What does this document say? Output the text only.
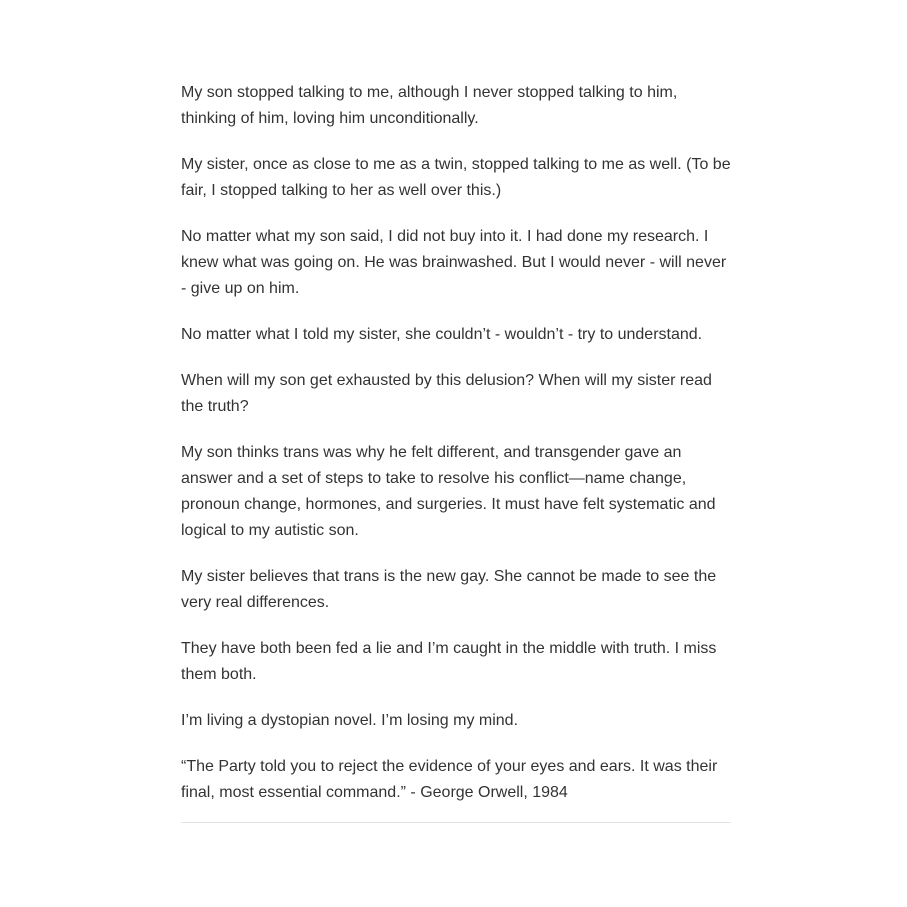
My son stopped talking to me, although I never stopped talking to him,
thinking of him, loving him unconditionally.

My sister, once as close to me as a twin, stopped talking to me as well. (To be
fair, I stopped talking to her as well over this.)

No matter what my son said, I did not buy into it. I had done my research. I
knew what was going on. He was brainwashed. But I would never - will never
- give up on him.

No matter what I told my sister, she couldn’t - wouldn’t - try to understand.

When will my son get exhausted by this delusion? When will my sister read
the truth?

My son thinks trans was why he felt different, and transgender gave an
answer and a set of steps to take to resolve his conflict—name change,
pronoun change, hormones, and surgeries. It must have felt systematic and
logical to my autistic son.

My sister believes that trans is the new gay. She cannot be made to see the
very real differences.

They have both been fed a lie and I’m caught in the middle with truth. I miss
them both.

I’m living a dystopian novel. I’m losing my mind.

“The Party told you to reject the evidence of your eyes and ears. It was their
final, most essential command.” - George Orwell, 1984
